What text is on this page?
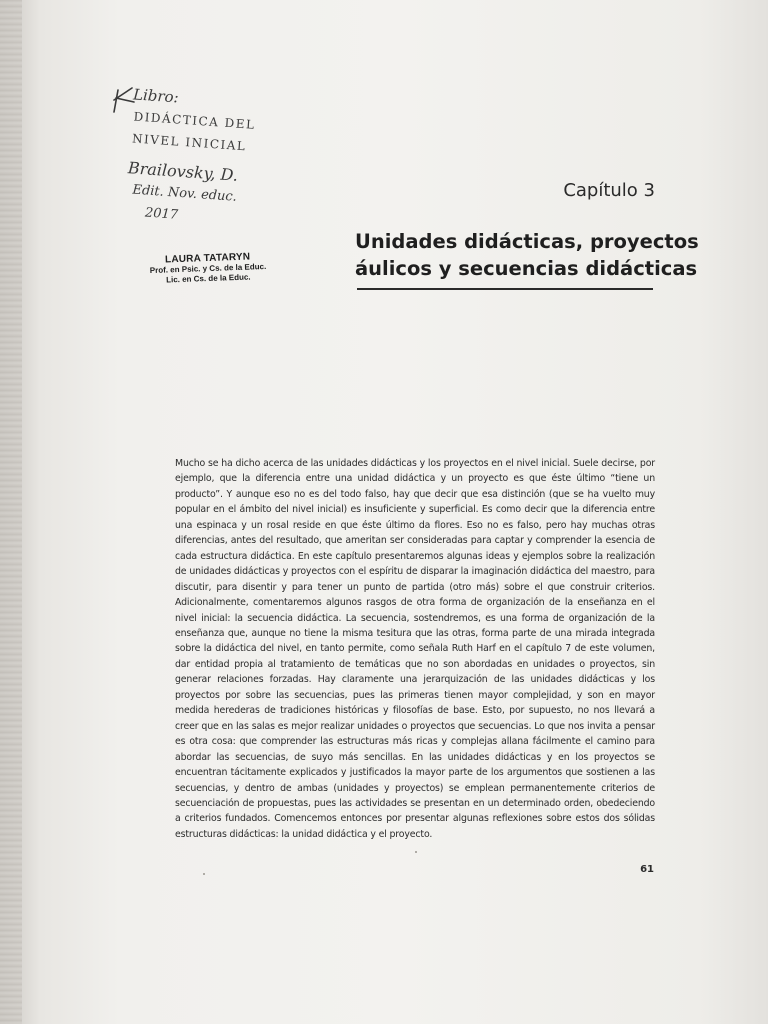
Libro:
DIDÁCTICA DEL
NIVEL INICIAL
Brailovsky, D.
Edit. Nov. educ.
2017
LAURA TATARYN
Prof. en Psic. y Cs. de la Educ.
Lic. en Cs. de la Educ.
Capítulo 3
Unidades didácticas, proyectos
áulicos y secuencias didácticas
Mucho se ha dicho acerca de las unidades didácticas y los proyectos en el nivel inicial. Suele decirse, por ejemplo, que la diferencia entre una unidad didáctica y un proyecto es que éste último “tiene un producto”. Y aunque eso no es del todo falso, hay que decir que esa distinción (que se ha vuelto muy popular en el ámbito del nivel inicial) es insuficiente y superficial. Es como decir que la diferencia entre una espinaca y un rosal reside en que éste último da flores. Eso no es falso, pero hay muchas otras diferencias, antes del resultado, que ameritan ser consideradas para captar y comprender la esencia de cada estructura didáctica. En este capítulo presentaremos algunas ideas y ejemplos sobre la realización de unidades didácticas y proyectos con el espíritu de disparar la imaginación didáctica del maestro, para discutir, para disentir y para tener un punto de partida (otro más) sobre el que construir criterios. Adicionalmente, comentaremos algunos rasgos de otra forma de organización de la enseñanza en el nivel inicial: la secuencia didáctica. La secuencia, sostendremos, es una forma de organización de la enseñanza que, aunque no tiene la misma tesitura que las otras, forma parte de una mirada integrada sobre la didáctica del nivel, en tanto permite, como señala Ruth Harf en el capítulo 7 de este volumen, dar entidad propia al tratamiento de temáticas que no son abordadas en unidades o proyectos, sin generar relaciones forzadas. Hay claramente una jerarquización de las unidades didácticas y los proyectos por sobre las secuencias, pues las primeras tienen mayor complejidad, y son en mayor medida herederas de tradiciones históricas y filosofías de base. Esto, por supuesto, no nos llevará a creer que en las salas es mejor realizar unidades o proyectos que secuencias. Lo que nos invita a pensar es otra cosa: que comprender las estructuras más ricas y complejas allana fácilmente el camino para abordar las secuencias, de suyo más sencillas. En las unidades didácticas y en los proyectos se encuentran tácitamente explicados y justificados la mayor parte de los argumentos que sostienen a las secuencias, y dentro de ambas (unidades y proyectos) se emplean permanentemente criterios de secuenciación de propuestas, pues las actividades se presentan en un determinado orden, obedeciendo a criterios fundados. Comencemos entonces por presentar algunas reflexiones sobre estos dos sólidas estructuras didácticas: la unidad didáctica y el proyecto.
61
